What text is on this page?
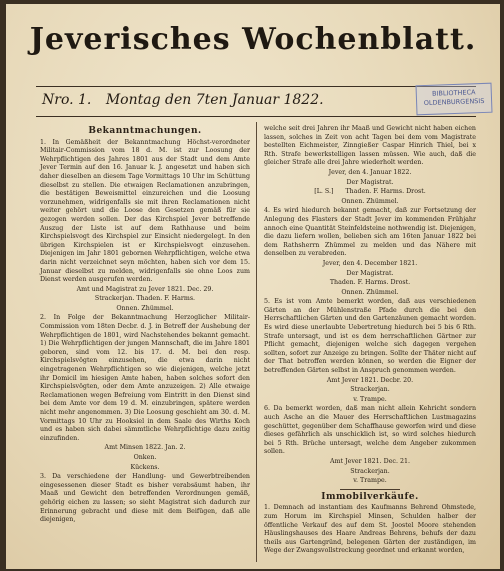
Jeverisches Wochenblatt.
Nro. 1. Montag den 7ten Januar 1822.	BIBLIOTHECA
OLDENBURGENSIS
Bekanntmachungen.

1. In Gemäßheit der Bekanntmachung Höchst-verordneter Militair-Commission vom 18 d. M. ist zur Loosung der Wehrpflichtigen des Jahres 1801 aus der Stadt und dem Amte Jever Termin auf den 16. Januar k. J. angesetzt und haben sich daher dieselben an diesem Tage Vormittags 10 Uhr im Schüttung dieselbst zu stellen. Die etwaigen Reclamationen anzubringen, die bestätigen Beweismittel einzureichen und die Loosung vorzunehmen, widrigenfalls sie mit ihren Reclamationen nicht weiter gehört und die Loose den Gesetzen gemäß für sie gezogen werden sollen. Der das Kirchspiel Jever betreffende Auszug der Liste ist auf dem Rathhause und beim Kirchspielsvogt des Kirchspiel zur Einsicht niedergelegt. In den übrigen Kirchspielen ist er Kirchspielsvogt einzusehen. Diejenigen im Jahr 1801 gebornen Wehrpflichtigen, welche etwa darin nicht verzeichnet seyn möchten, haben sich vor dem 15. Januar dieselbst zu melden, widrigenfalls sie ohne Loos zum Dienst werden ausgerufen werden.

Amt und Magistrat zu Jever 1821. Dec. 29.
Strackerjan. Thaden. F. Harms.
Onnen. Zhümmel.

2. In Folge der Bekanntmachung Herzoglicher Militair-Commission vom 18ten Decbr. d. J. in Betreff der Aushebung der Wehrpflichtigen de 1801, wird Nachstehendes bekannt gemacht. 1) Die Wehrpflichtigen der jungen Mannschaft, die im Jahre 1801 geboren, sind vom 12. bis 17. d. M. bei den resp. Kirchspielsvögten einzusehen, die etwa darin nicht eingetragenen Wehrpflichtigen so wie diejenigen, welche jetzt ihr Domicil im hiesigen Amte haben, haben solches sofort den Kirchspielsvögten, oder dem Amte anzuzeigen. 2) Alle etwaige Reclamationen wegen Befreiung vom Eintritt in den Dienst sind bei dem Amte vor dem 19 d. M. einzubringen, spätere werden nicht mehr angenommen. 3) Die Loosung geschieht am 30. d. M. Vormittags 10 Uhr zu Hooksiel in dem Saale des Wirths Koch und es haben sich dabei sämmtliche Wehrpflichtige dazu zeitig einzufinden.

Amt Minsen 1822. Jan. 2.
Onken.
Kückens.

3. Da verschiedene der Handlung- und Gewerbtreibenden eingesessenen dieser Stadt es bisher verabsäumt haben, ihr Maaß und Gewicht den betreffenden Verordnungen gemäß, gehörig eichen zu lassen; so sieht Magistrat sich dadurch zur Erinnerung gebracht und diese mit dem Beifügen, daß alle diejenigen,

welche seit drei Jahren ihr Maaß und Gewicht nicht haben eichen lassen, solches in Zeit von acht Tagen bei dem vom Magistrate bestellten Eichmeister, Zinngießer Caspar Hinrich Thiel, bei x Rth. Strafe bewerkstelligen lassen müssen. Wie auch, daß die gleicher Strafe alle drei Jahre wiederholt werden.

Jever, den 4. Januar 1822.
Der Magistrat.
[L. S.] Thaden. F. Harms. Drost.
Onnen. Zhümmel.

4. Es wird hiedurch bekannt gemacht, daß zur Fortsetzung der Anlegung des Flasters der Stadt Jever im kommenden Frühjahr annoch eine Quantität Steinfeldsteine nothwendig ist. Diejenigen, die dazu liefern wollen, belieben sich am 16ten Januar 1822 bei dem Rathsherrn Zhümmel zu melden und das Nähere mit denselben zu verabreden.

Jever, den 4. December 1821.
Der Magistrat.
Thaden. F. Harms. Drost.
Onnen. Zhümmel.

5. Es ist vom Amte bemerkt worden, daß aus verschiedenen Gärten an der Mühlenstraße Pfade durch die bei den Herrschaftlichen Gärten und den Gartenzäunen gemacht worden. Es wird diese unerlaubte Uebertretung hiedurch bei 5 bis 6 Rth. Strafe untersagt, und ist es dem herrschaftlichen Gärtner zur Pflicht gemacht, diejenigen welche sich dagegen vergehen sollten, sofort zur Anzeige zu bringen. Sollte der Thäter nicht auf der That betroffen werden können, so werden die Eigner der betreffenden Gärten selbst in Anspruch genommen werden.

Amt Jever 1821. Decbr. 20.
Strackerjan.
v. Trampe.

6. Da bemerkt worden, daß man nicht allein Kehricht sondern auch Asche an die Mauer des Herrschaftlichen Lustmagazins geschüttet, gegenüber dem Schaffhause geworfen wird und diese dieses gefährlich als unschicklich ist, so wird solches hiedurch bei 5 Rth. Brüche untersagt, welche dem Angeber zukommen sollen.

Amt Jever 1821. Dec. 21.
Strackerjan.
v. Trampe.
Immobilverkäufe.

1. Demnach ad instantiam des Kaufmanns Behrend Ohmstede, zum Horum im Kirchspiel Minsen, Schulden halber der öffentliche Verkauf des auf dem St. Joostel Moore stehenden Häuslingshauses des Haare Andreas Behrens, behufs der dazu theils aus Gartengründ, belegenen Gärten der zuständigen, im Wege der Zwangsvollstreckung geordnet und erkannt worden,
